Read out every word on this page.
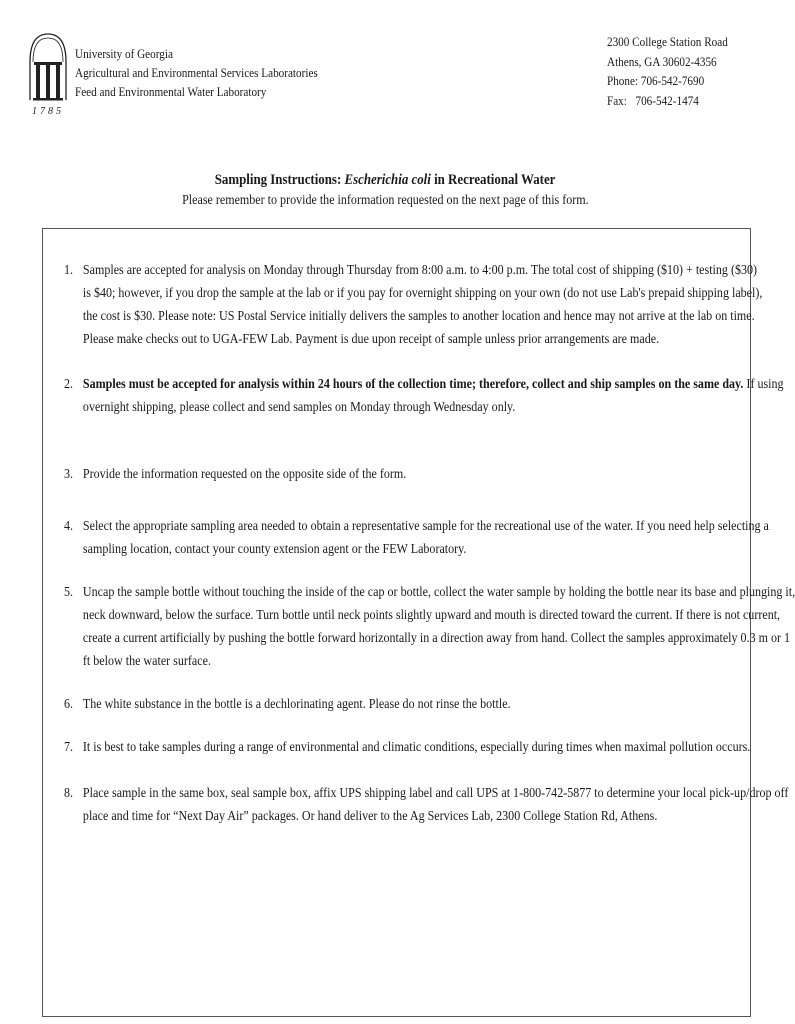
1785
University of Georgia
Agricultural and Environmental Services Laboratories
Feed and Environmental Water Laboratory
2300 College Station Road
Athens, GA 30602-4356
Phone: 706-542-7690
Fax: 706-542-1474
Sampling Instructions: Escherichia coli in Recreational Water
Please remember to provide the information requested on the next page of this form.
1. Samples are accepted for analysis on Monday through Thursday from 8:00 a.m. to 4:00 p.m. The total cost of shipping ($10) + testing ($30)
is $40; however, if you drop the sample at the lab or if you pay for overnight shipping on your own (do not use Lab's prepaid shipping label),
the cost is $30. Please note: US Postal Service initially delivers the samples to another location and hence may not arrive at the lab on time.
Please make checks out to UGA-FEW Lab. Payment is due upon receipt of sample unless prior arrangements are made.
2. Samples must be accepted for analysis within 24 hours of the collection time; therefore, collect and ship samples on the same day. If using
overnight shipping, please collect and send samples on Monday through Wednesday only.
3. Provide the information requested on the opposite side of the form.
4. Select the appropriate sampling area needed to obtain a representative sample for the recreational use of the water. If you need help selecting a
sampling location, contact your county extension agent or the FEW Laboratory.
5. Uncap the sample bottle without touching the inside of the cap or bottle, collect the water sample by holding the bottle near its base and plunging it,
neck downward, below the surface. Turn bottle until neck points slightly upward and mouth is directed toward the current. If there is not current,
create a current artificially by pushing the bottle forward horizontally in a direction away from hand. Collect the samples approximately 0.3 m or 1
ft below the water surface.
6. The white substance in the bottle is a dechlorinating agent. Please do not rinse the bottle.
7. It is best to take samples during a range of environmental and climatic conditions, especially during times when maximal pollution occurs.
8. Place sample in the same box, seal sample box, affix UPS shipping label and call UPS at 1-800-742-5877 to determine your local pick-up/drop off
place and time for “Next Day Air” packages. Or hand deliver to the Ag Services Lab, 2300 College Station Rd, Athens.
